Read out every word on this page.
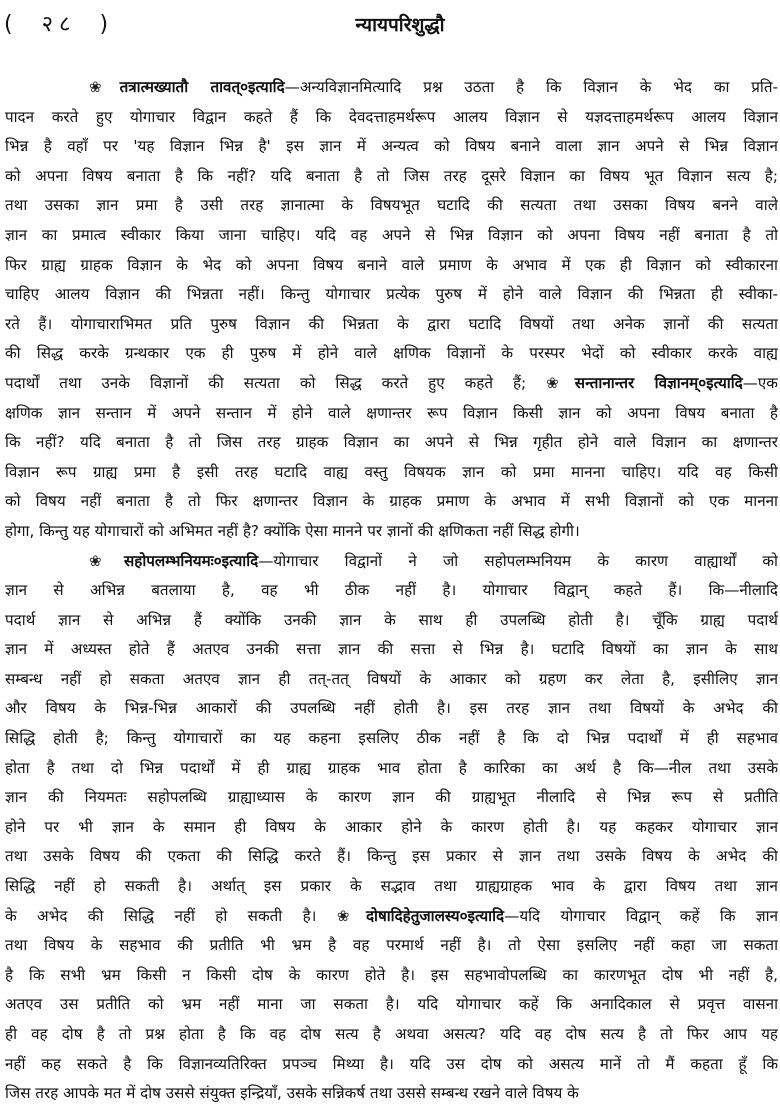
( २८ )	न्यायपरिशुद्धौ
❀तत्रात्मख्यातौ तावत्०इत्यादि—अन्यविज्ञानमित्यादि प्रश्न उठता है कि विज्ञान के भेद का प्रति-
पादन करते हुए योगाचार विद्वान कहते हैं कि देवदत्ताहमर्थरूप आलय विज्ञान से यज्ञदत्ताहमर्थरूप आलय विज्ञान
भिन्न है वहाँ पर 'यह विज्ञान भिन्न है' इस ज्ञान में अन्यत्व को विषय बनाने वाला ज्ञान अपने से भिन्न विज्ञान
को अपना विषय बनाता है कि नहीं? यदि बनाता है तो जिस तरह दूसरे विज्ञान का विषय भूत विज्ञान सत्य है;
तथा उसका ज्ञान प्रमा है उसी तरह ज्ञानात्मा के विषयभूत घटादि की सत्यता तथा उसका विषय बनने वाले
ज्ञान का प्रमात्व स्वीकार किया जाना चाहिए। यदि वह अपने से भिन्न विज्ञान को अपना विषय नहीं बनाता है तो
फिर ग्राह्य ग्राहक विज्ञान के भेद को अपना विषय बनाने वाले प्रमाण के अभाव में एक ही विज्ञान को स्वीकारना
चाहिए आलय विज्ञान की भिन्नता नहीं। किन्तु योगाचार प्रत्येक पुरुष में होने वाले विज्ञान की भिन्नता ही स्वीका-
रते हैं। योगाचाराभिमत प्रति पुरुष विज्ञान की भिन्नता के द्वारा घटादि विषयों तथा अनेक ज्ञानों की सत्यता
की सिद्ध करके ग्रन्थकार एक ही पुरुष में होने वाले क्षणिक विज्ञानों के परस्पर भेदों को स्वीकार करके वाह्य
पदार्थों तथा उनके विज्ञानों की सत्यता को सिद्ध करते हुए कहते हैं; ❀सन्तानान्तर विज्ञानम्०इत्यादि—एक
क्षणिक ज्ञान सन्तान में अपने सन्तान में होने वाले क्षणान्तर रूप विज्ञान किसी ज्ञान को अपना विषय बनाता है
कि नहीं? यदि बनाता है तो जिस तरह ग्राहक विज्ञान का अपने से भिन्न गृहीत होने वाले विज्ञान का क्षणान्तर
विज्ञान रूप ग्राह्य प्रमा है इसी तरह घटादि वाह्य वस्तु विषयक ज्ञान को प्रमा मानना चाहिए। यदि वह किसी
को विषय नहीं बनाता है तो फिर क्षणान्तर विज्ञान के ग्राहक प्रमाण के अभाव में सभी विज्ञानों को एक मानना
होगा, किन्तु यह योगाचारों को अभिमत नहीं है? क्योंकि ऐसा मानने पर ज्ञानों की क्षणिकता नहीं सिद्ध होगी।
❀सहोपलम्भनियमः०इत्यादि—योगाचार विद्वानों ने जो सहोपलम्भनियम के कारण वाह्यार्थों को
ज्ञान से अभिन्न बतलाया है, वह भी ठीक नहीं है। योगाचार विद्वान् कहते हैं। कि—नीलादि
पदार्थ ज्ञान से अभिन्न हैं क्योंकि उनकी ज्ञान के साथ ही उपलब्धि होती है। चूँकि ग्राह्य पदार्थ
ज्ञान में अध्यस्त होते हैं अतएव उनकी सत्ता ज्ञान की सत्ता से भिन्न है। घटादि विषयों का ज्ञान के साथ
सम्बन्ध नहीं हो सकता अतएव ज्ञान ही तत्-तत् विषयों के आकार को ग्रहण कर लेता है, इसीलिए ज्ञान
और विषय के भिन्न-भिन्न आकारों की उपलब्धि नहीं होती है। इस तरह ज्ञान तथा विषयों के अभेद की
सिद्धि होती है; किन्तु योगाचारों का यह कहना इसलिए ठीक नहीं है कि दो भिन्न पदार्थों में ही सहभाव
होता है तथा दो भिन्न पदार्थों में ही ग्राह्य ग्राहक भाव होता है कारिका का अर्थ है कि—नील तथा उसके
ज्ञान की नियमतः सहोपलब्धि ग्राह्याध्यास के कारण ज्ञान की ग्राह्यभूत नीलादि से भिन्न रूप से प्रतीति
होने पर भी ज्ञान के समान ही विषय के आकार होने के कारण होती है। यह कहकर योगाचार ज्ञान
तथा उसके विषय की एकता की सिद्धि करते हैं। किन्तु इस प्रकार से ज्ञान तथा उसके विषय के अभेद की
सिद्धि नहीं हो सकती है। अर्थात् इस प्रकार के सद्भाव तथा ग्राह्यग्राहक भाव के द्वारा विषय तथा ज्ञान
के अभेद की सिद्धि नहीं हो सकती है। ❀दोषादिहेतुजालस्य०इत्यादि—यदि योगाचार विद्वान् कहें कि ज्ञान
तथा विषय के सहभाव की प्रतीति भी भ्रम है वह परमार्थ नहीं है। तो ऐसा इसलिए नहीं कहा जा सकता
है कि सभी भ्रम किसी न किसी दोष के कारण होते है। इस सहभावोपलब्धि का कारणभूत दोष भी नहीं है,
अतएव उस प्रतीति को भ्रम नहीं माना जा सकता है। यदि योगाचार कहें कि अनादिकाल से प्रवृत्त वासना
ही वह दोष है तो प्रश्न होता है कि वह दोष सत्य है अथवा असत्य? यदि वह दोष सत्य है तो फिर आप यह
नहीं कह सकते है कि विज्ञानव्यतिरिक्त प्रपञ्च मिथ्या है। यदि उस दोष को असत्य मानें तो मैं कहता हूँ कि
जिस तरह आपके मत में दोष उससे संयुक्त इन्द्रियाँ, उसके सन्निकर्ष तथा उससे सम्बन्ध रखने वाले विषय के
